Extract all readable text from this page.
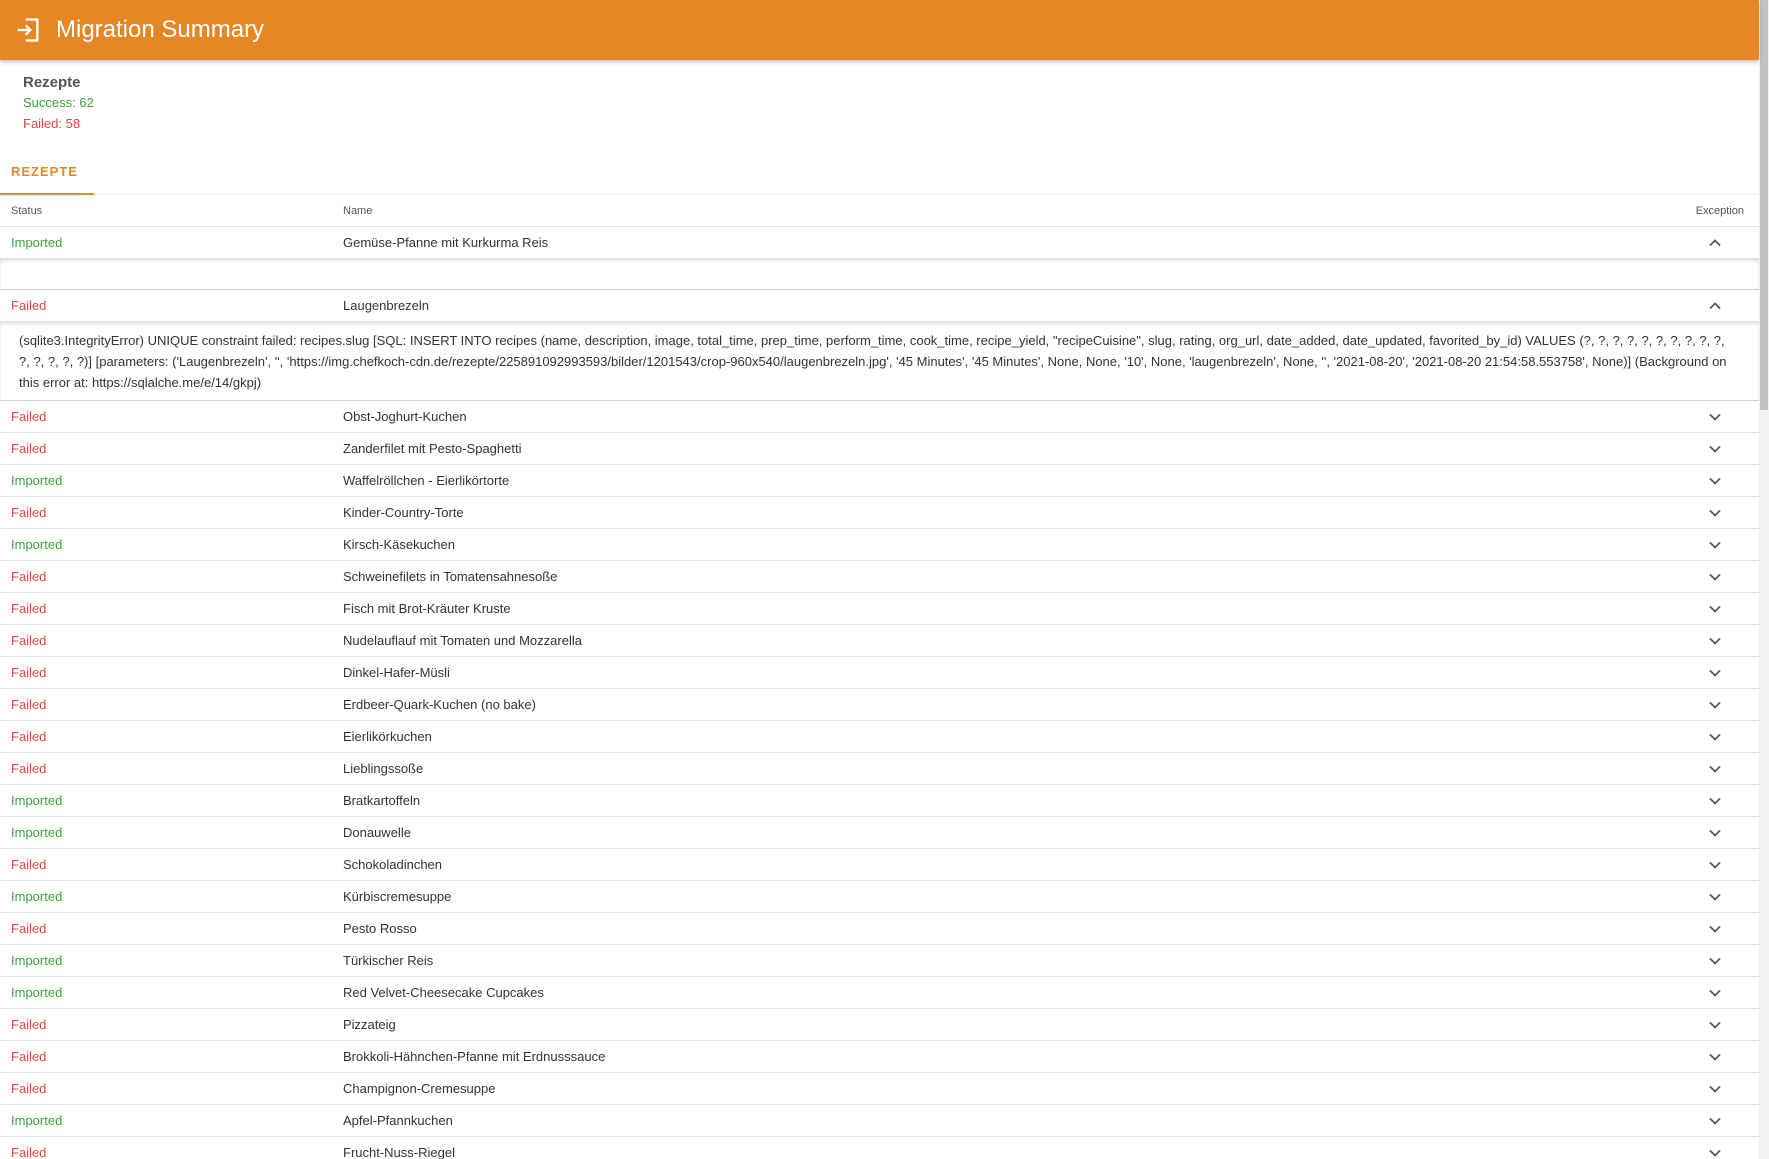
Migration Summary
Rezepte
Success: 62
Failed: 58
REZEPTE
Status	Name	Exception
Imported	Gemüse-Pfanne mit Kurkurma Reis
Failed	Laugenbrezeln
(sqlite3.IntegrityError) UNIQUE constraint failed: recipes.slug [SQL: INSERT INTO recipes (name, description, image, total_time, prep_time, perform_time, cook_time, recipe_yield, "recipeCuisine", slug, rating, org_url, date_added, date_updated, favorited_by_id) VALUES (?, ?, ?, ?, ?, ?, ?, ?, ?, ?, ?, ?, ?, ?, ?)] [parameters: ('Laugenbrezeln', '', 'https://img.chefkoch-cdn.de/rezepte/225891092993593/bilder/1201543/crop-960x540/laugenbrezeln.jpg', '45 Minutes', '45 Minutes', None, None, '10', None, 'laugenbrezeln', None, '', '2021-08-20', '2021-08-20 21:54:58.553758', None)] (Background on this error at: https://sqlalche.me/e/14/gkpj)
Failed	Obst-Joghurt-Kuchen
Failed	Zanderfilet mit Pesto-Spaghetti
Imported	Waffelröllchen - Eierlikörtorte
Failed	Kinder-Country-Torte
Imported	Kirsch-Käsekuchen
Failed	Schweinefilets in Tomatensahnesoße
Failed	Fisch mit Brot-Kräuter Kruste
Failed	Nudelauflauf mit Tomaten und Mozzarella
Failed	Dinkel-Hafer-Müsli
Failed	Erdbeer-Quark-Kuchen (no bake)
Failed	Eierlikörkuchen
Failed	Lieblingssoße
Imported	Bratkartoffeln
Imported	Donauwelle
Failed	Schokoladinchen
Imported	Kürbiscremesuppe
Failed	Pesto Rosso
Imported	Türkischer Reis
Imported	Red Velvet-Cheesecake Cupcakes
Failed	Pizzateig
Failed	Brokkoli-Hähnchen-Pfanne mit Erdnusssauce
Failed	Champignon-Cremesuppe
Imported	Apfel-Pfannkuchen
Failed	Frucht-Nuss-Riegel
